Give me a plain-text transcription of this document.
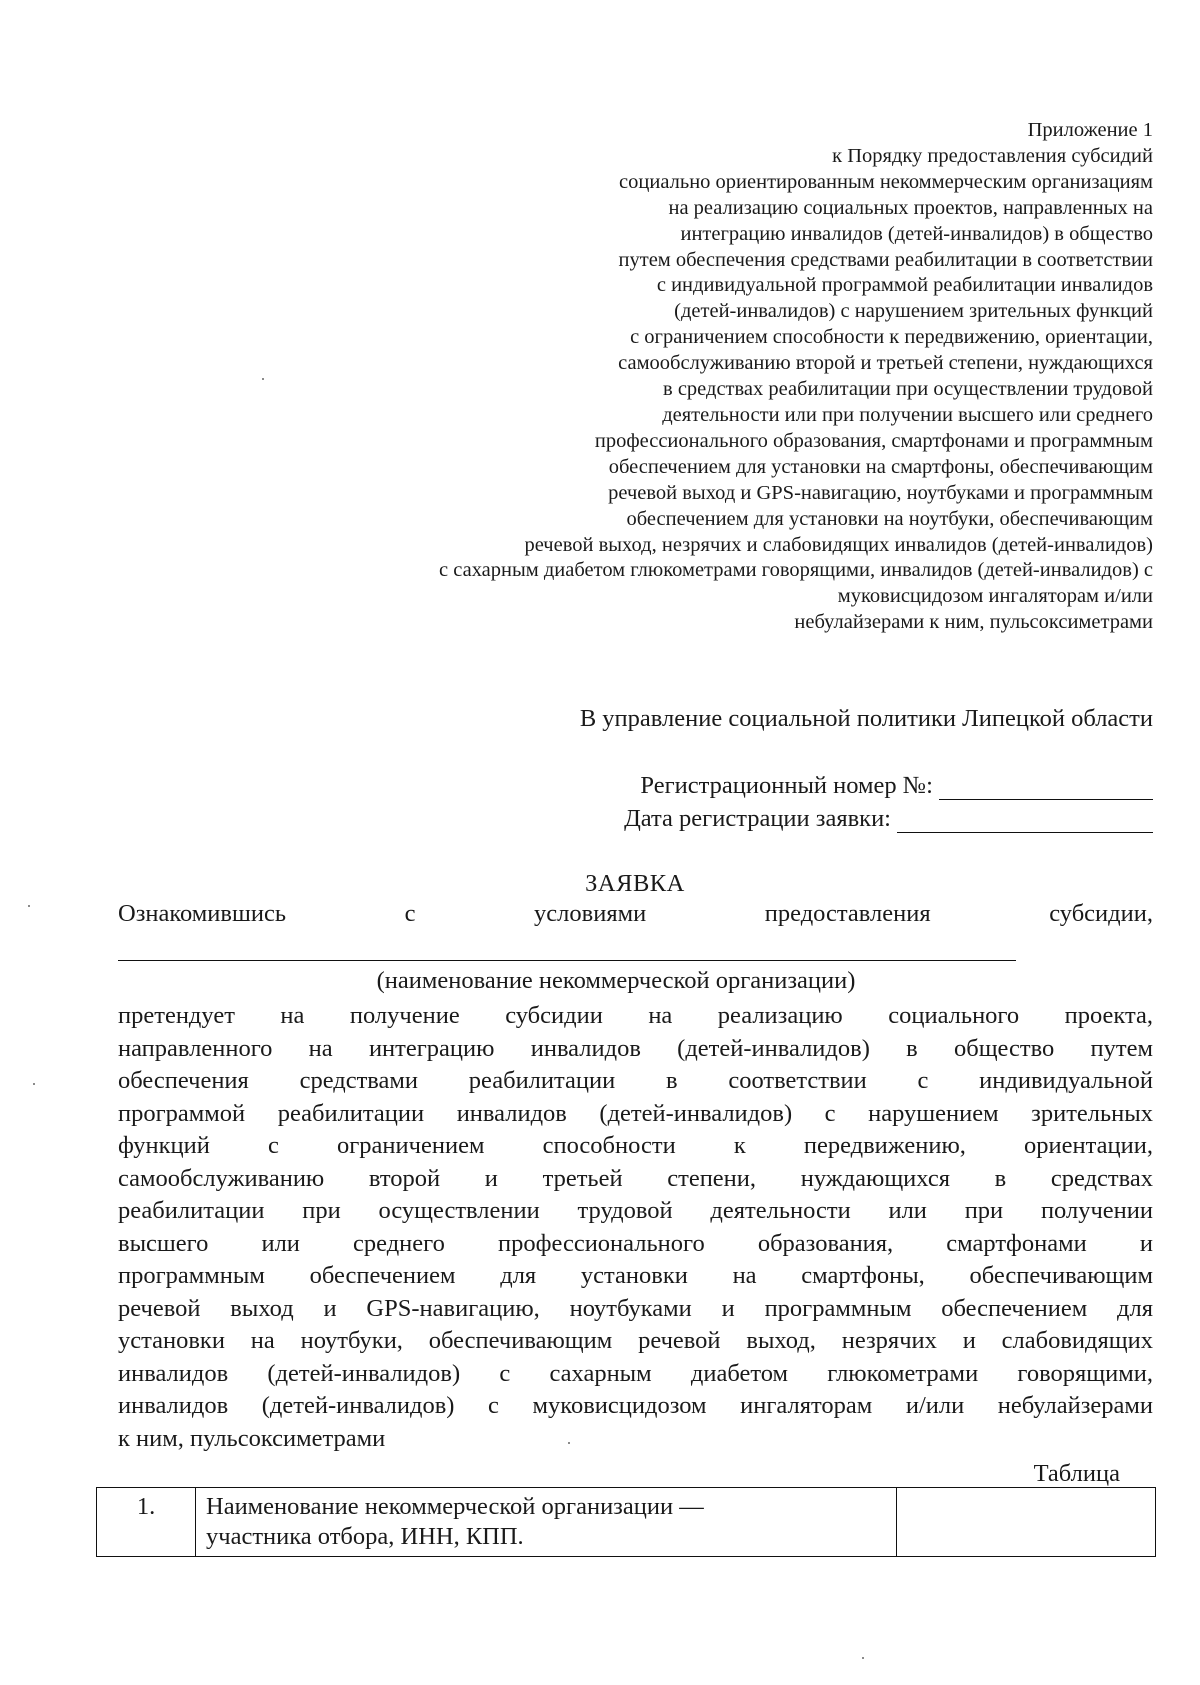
Приложение 1
к Порядку предоставления субсидий
социально ориентированным некоммерческим организациям
на реализацию социальных проектов, направленных на
интеграцию инвалидов (детей-инвалидов) в общество
путем обеспечения средствами реабилитации в соответствии
с индивидуальной программой реабилитации инвалидов
(детей-инвалидов) с нарушением зрительных функций
с ограничением способности к передвижению, ориентации,
самообслуживанию второй и третьей степени, нуждающихся
в средствах реабилитации при осуществлении трудовой
деятельности или при получении высшего или среднего
профессионального образования, смартфонами и программным
обеспечением для установки на смартфоны, обеспечивающим
речевой выход и GPS-навигацию, ноутбуками и программным
обеспечением для установки на ноутбуки, обеспечивающим
речевой выход, незрячих и слабовидящих инвалидов (детей-инвалидов)
с сахарным диабетом глюкометрами говорящими, инвалидов (детей-инвалидов) с
муковисцидозом ингаляторам и/или
небулайзерами к ним, пульсоксиметрами
В управление социальной политики Липецкой области
Регистрационный номер №:
Дата регистрации заявки:
ЗАЯВКА
Ознакомившись	с	условиями	предоставления	субсидии,
(наименование некоммерческой организации)
претендует на получение субсидии на реализацию социального проекта,
направленного на интеграцию инвалидов (детей-инвалидов) в общество путем
обеспечения средствами реабилитации в соответствии с индивидуальной
программой реабилитации инвалидов (детей-инвалидов) с нарушением зрительных
функций с ограничением способности к передвижению, ориентации,
самообслуживанию второй и третьей степени, нуждающихся в средствах
реабилитации при осуществлении трудовой деятельности или при получении
высшего или среднего профессионального образования, смартфонами и
программным обеспечением для установки на смартфоны, обеспечивающим
речевой выход и GPS-навигацию, ноутбуками и программным обеспечением для
установки на ноутбуки, обеспечивающим речевой выход, незрячих и слабовидящих
инвалидов (детей-инвалидов) с сахарным диабетом глюкометрами говорящими,
инвалидов (детей-инвалидов) с муковисцидозом ингаляторам и/или небулайзерами
к ним, пульсоксиметрами
Таблица
1.	Наименование некоммерческой организации —
участника отбора, ИНН, КПП.
